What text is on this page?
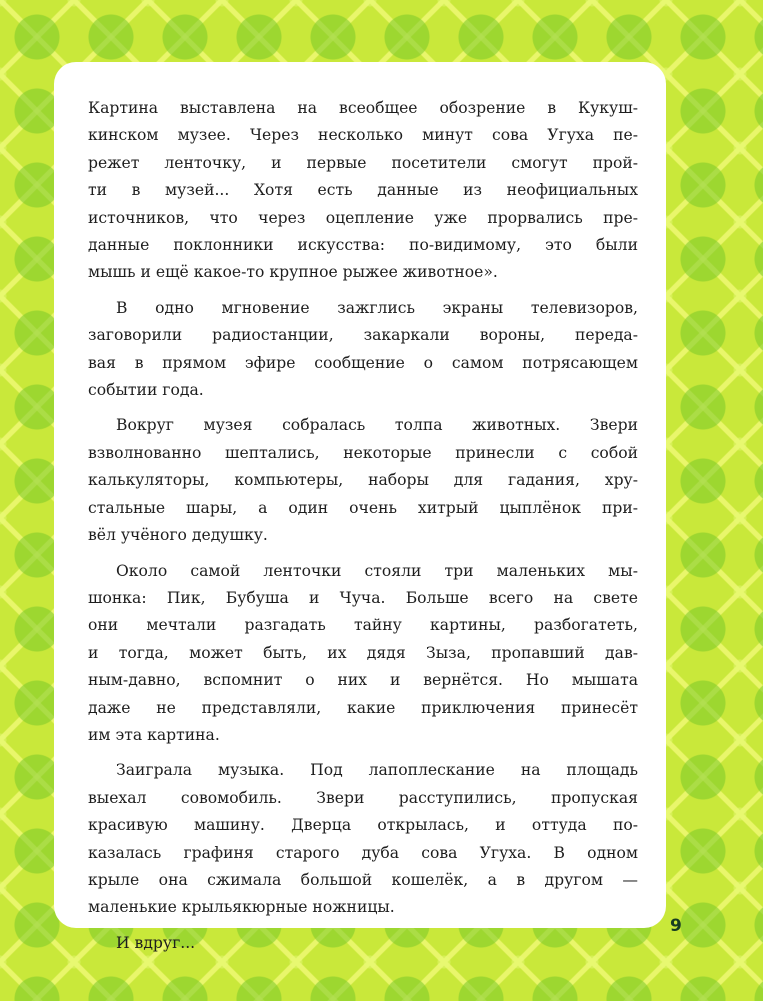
Картина выставлена на всеобщее обозрение в Кукуш-
кинском музее. Через несколько минут сова Угуха пе-
режет ленточку, и первые посетители смогут прой-
ти в музей... Хотя есть данные из неофициальных
источников, что через оцепление уже прорвались пре-
данные поклонники искусства: по-видимому, это были
мышь и ещё какое-то крупное рыжее животное».

В одно мгновение зажглись экраны телевизоров,
заговорили радиостанции, закаркали вороны, переда-
вая в прямом эфире сообщение о самом потрясающем
событии года.

Вокруг музея собралась толпа животных. Звери
взволнованно шептались, некоторые принесли с собой
калькуляторы, компьютеры, наборы для гадания, хру-
стальные шары, а один очень хитрый цыплёнок при-
вёл учёного дедушку.

Около самой ленточки стояли три маленьких мы-
шонка: Пик, Бубуша и Чуча. Больше всего на свете
они мечтали разгадать тайну картины, разбогатеть,
и тогда, может быть, их дядя Зыза, пропавший дав-
ным-давно, вспомнит о них и вернётся. Но мышата
даже не представляли, какие приключения принесёт
им эта картина.

Заиграла музыка. Под лапоплескание на площадь
выехал совомобиль. Звери расступились, пропуская
красивую машину. Дверца открылась, и оттуда по-
казалась графиня старого дуба сова Угуха. В одном
крыле она сжимала большой кошелёк, а в другом —
маленькие крыльякюрные ножницы.

И вдруг...

9
